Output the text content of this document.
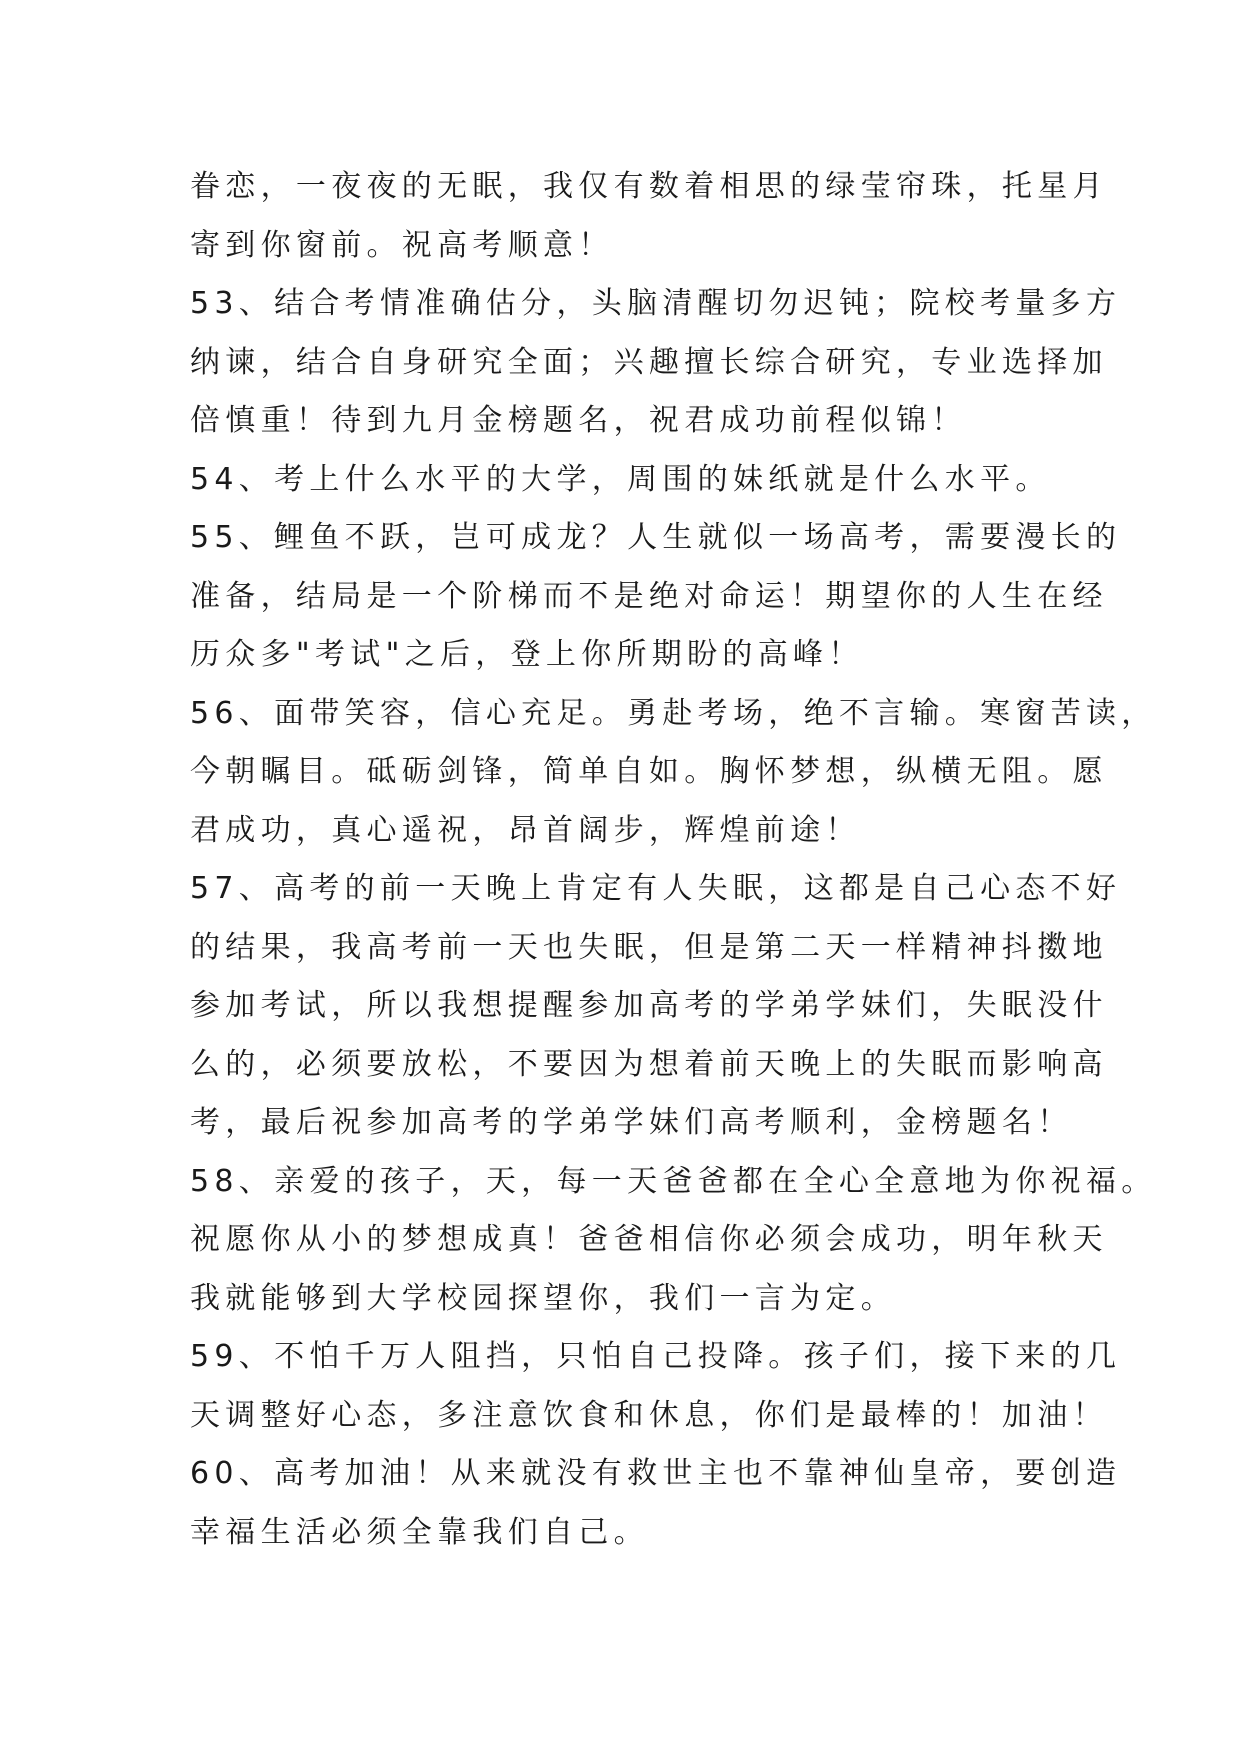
眷恋，一夜夜的无眠，我仅有数着相思的绿莹帘珠，托星月
寄到你窗前。祝高考顺意！
53、结合考情准确估分，头脑清醒切勿迟钝；院校考量多方
纳谏，结合自身研究全面；兴趣擅长综合研究，专业选择加
倍慎重！待到九月金榜题名，祝君成功前程似锦！
54、考上什么水平的大学，周围的妹纸就是什么水平。
55、鲤鱼不跃，岂可成龙？人生就似一场高考，需要漫长的
准备，结局是一个阶梯而不是绝对命运！期望你的人生在经
历众多"考试"之后，登上你所期盼的高峰！
56、面带笑容，信心充足。勇赴考场，绝不言输。寒窗苦读，
今朝瞩目。砥砺剑锋，简单自如。胸怀梦想，纵横无阻。愿
君成功，真心遥祝，昂首阔步，辉煌前途！
57、高考的前一天晚上肯定有人失眠，这都是自己心态不好
的结果，我高考前一天也失眠，但是第二天一样精神抖擞地
参加考试，所以我想提醒参加高考的学弟学妹们，失眠没什
么的，必须要放松，不要因为想着前天晚上的失眠而影响高
考，最后祝参加高考的学弟学妹们高考顺利，金榜题名！
58、亲爱的孩子，天，每一天爸爸都在全心全意地为你祝福。
祝愿你从小的梦想成真！爸爸相信你必须会成功，明年秋天
我就能够到大学校园探望你，我们一言为定。
59、不怕千万人阻挡，只怕自己投降。孩子们，接下来的几
天调整好心态，多注意饮食和休息，你们是最棒的！加油！
60、高考加油！从来就没有救世主也不靠神仙皇帝，要创造
幸福生活必须全靠我们自己。
